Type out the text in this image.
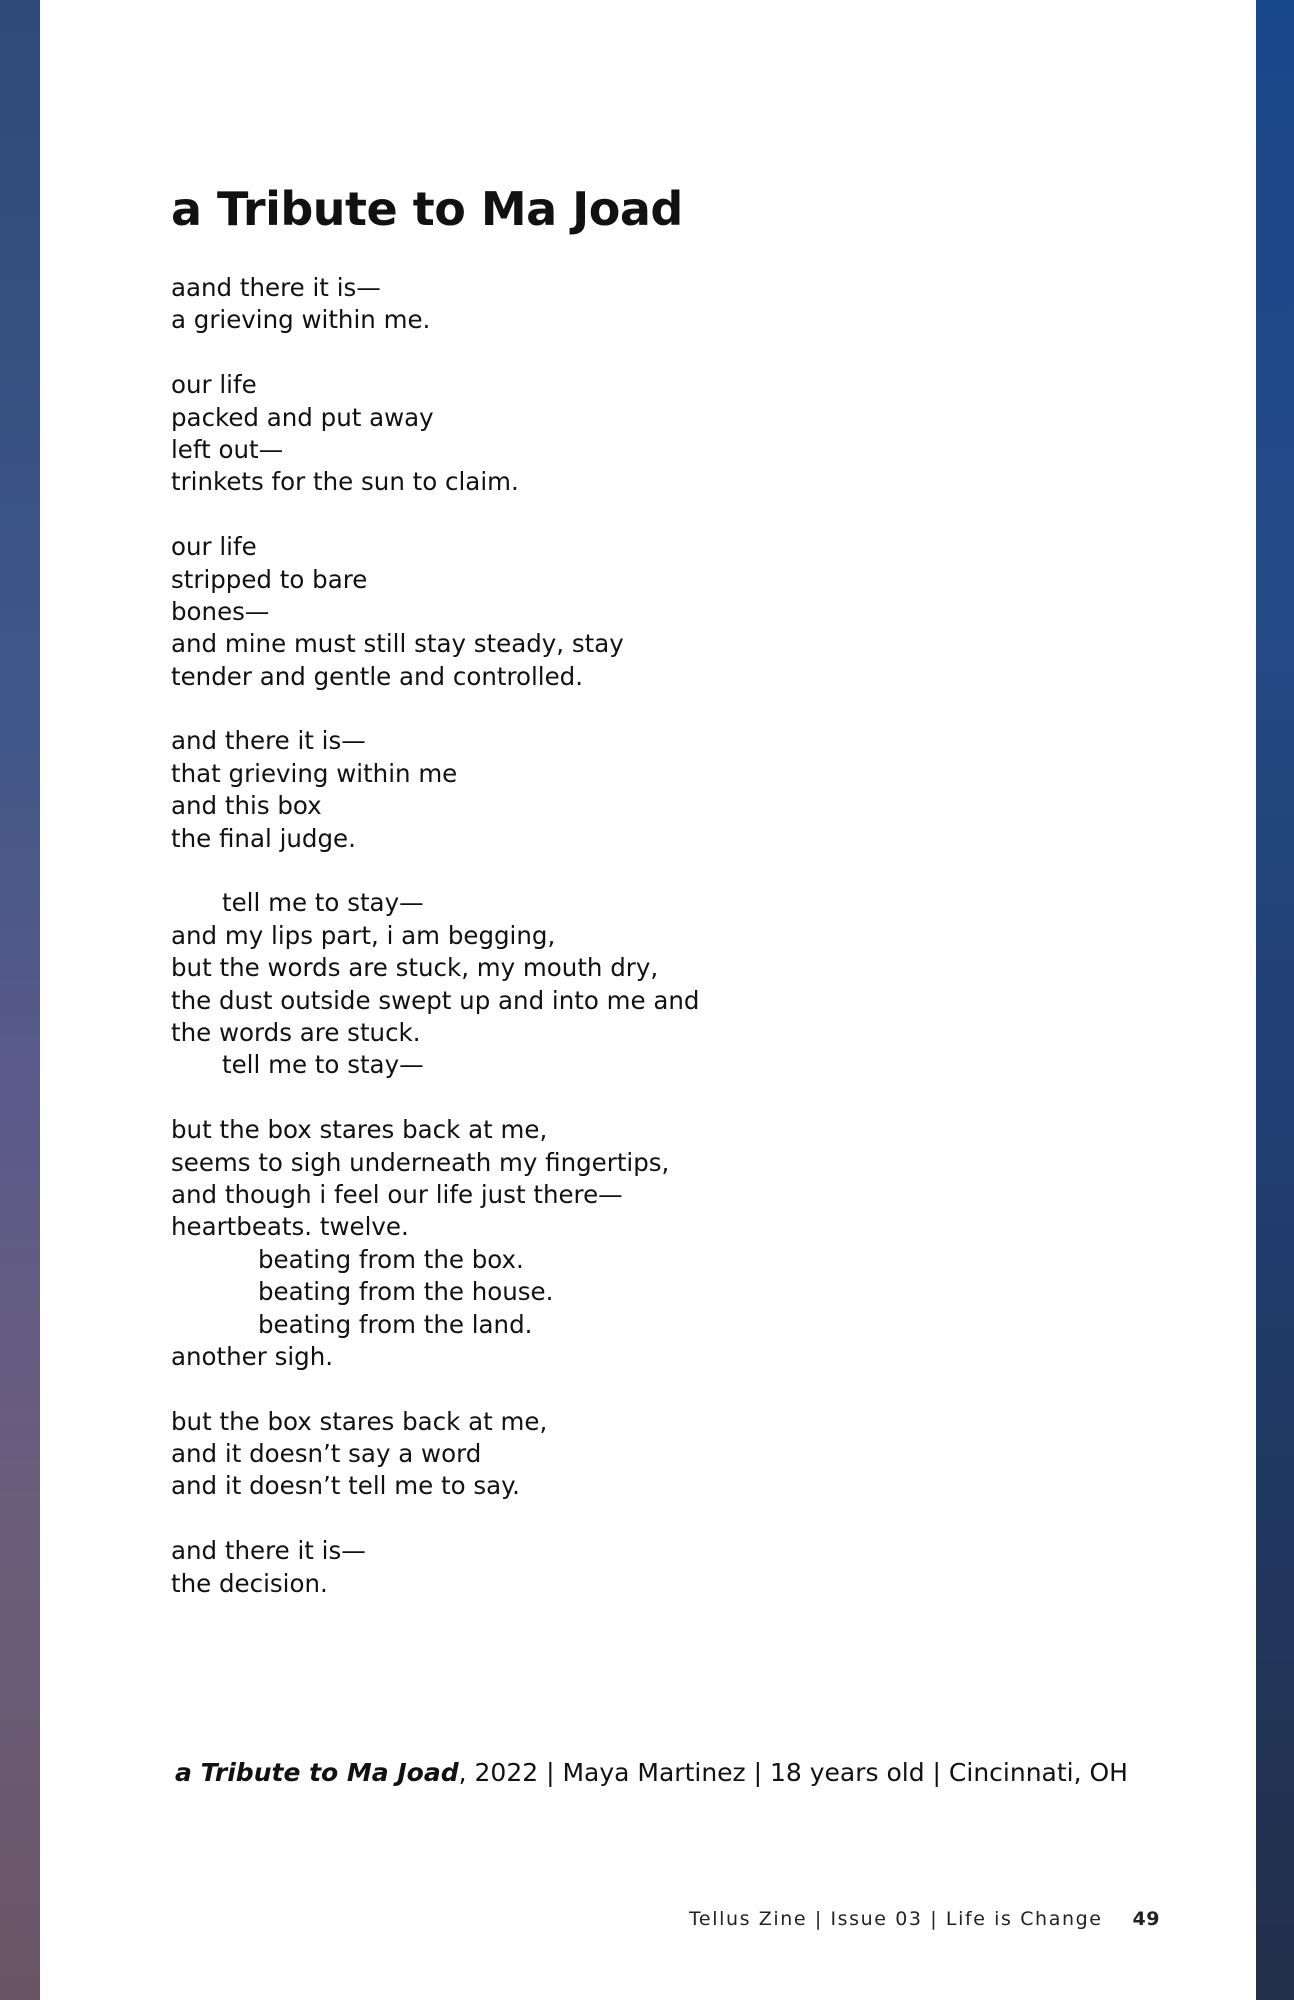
a Tribute to Ma Joad
aand there it is—
a grieving within me.
our life
packed and put away
left out—
trinkets for the sun to claim.
our life
stripped to bare
bones—
and mine must still stay steady, stay
tender and gentle and controlled.
and there it is—
that grieving within me
and this box
the final judge.
tell me to stay—
and my lips part, i am begging,
but the words are stuck, my mouth dry,
the dust outside swept up and into me and
the words are stuck.
tell me to stay—
but the box stares back at me,
seems to sigh underneath my fingertips,
and though i feel our life just there—
heartbeats. twelve.
beating from the box.
beating from the house.
beating from the land.
another sigh.
but the box stares back at me,
and it doesn’t say a word
and it doesn’t tell me to say.
and there it is—
the decision.
a Tribute to Ma Joad, 2022 | Maya Martinez | 18 years old | Cincinnati, OH
Tellus Zine | Issue 03 | Life is Change 49
